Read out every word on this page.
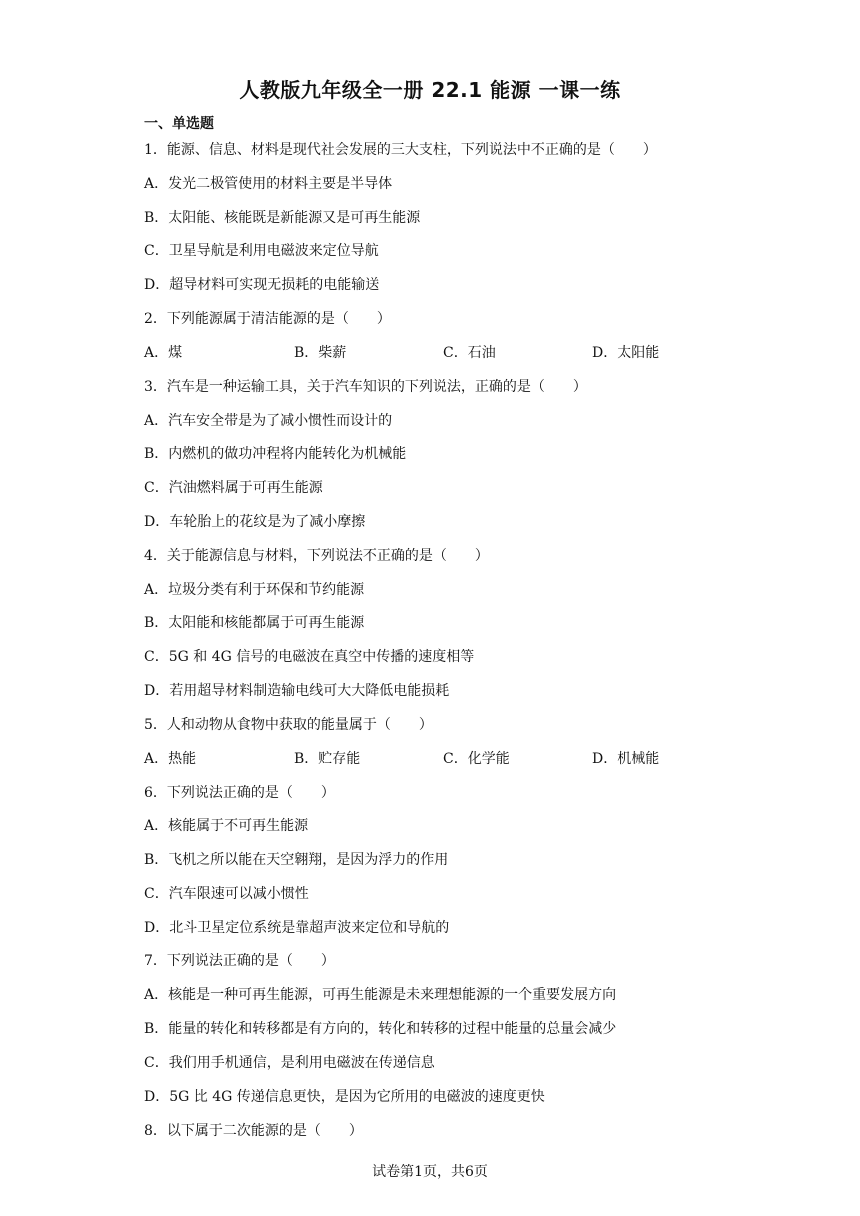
人教版九年级全一册 22.1 能源 一课一练
一、单选题
1．能源、信息、材料是现代社会发展的三大支柱，下列说法中不正确的是（　　）
A．发光二极管使用的材料主要是半导体
B．太阳能、核能既是新能源又是可再生能源
C．卫星导航是利用电磁波来定位导航
D．超导材料可实现无损耗的电能输送
2．下列能源属于清洁能源的是（　　）
A．煤	B．柴薪	C．石油	D．太阳能
3．汽车是一种运输工具，关于汽车知识的下列说法，正确的是（　　）
A．汽车安全带是为了减小惯性而设计的
B．内燃机的做功冲程将内能转化为机械能
C．汽油燃料属于可再生能源
D．车轮胎上的花纹是为了减小摩擦
4．关于能源信息与材料，下列说法不正确的是（　　）
A．垃圾分类有利于环保和节约能源
B．太阳能和核能都属于可再生能源
C．5G 和 4G 信号的电磁波在真空中传播的速度相等
D．若用超导材料制造输电线可大大降低电能损耗
5．人和动物从食物中获取的能量属于（　　）
A．热能	B．贮存能	C．化学能	D．机械能
6．下列说法正确的是（　　）
A．核能属于不可再生能源
B．飞机之所以能在天空翱翔，是因为浮力的作用
C．汽车限速可以减小惯性
D．北斗卫星定位系统是靠超声波来定位和导航的
7．下列说法正确的是（　　）
A．核能是一种可再生能源，可再生能源是未来理想能源的一个重要发展方向
B．能量的转化和转移都是有方向的，转化和转移的过程中能量的总量会减少
C．我们用手机通信，是利用电磁波在传递信息
D．5G 比 4G 传递信息更快，是因为它所用的电磁波的速度更快
8．以下属于二次能源的是（　　）
试卷第1页，共6页
